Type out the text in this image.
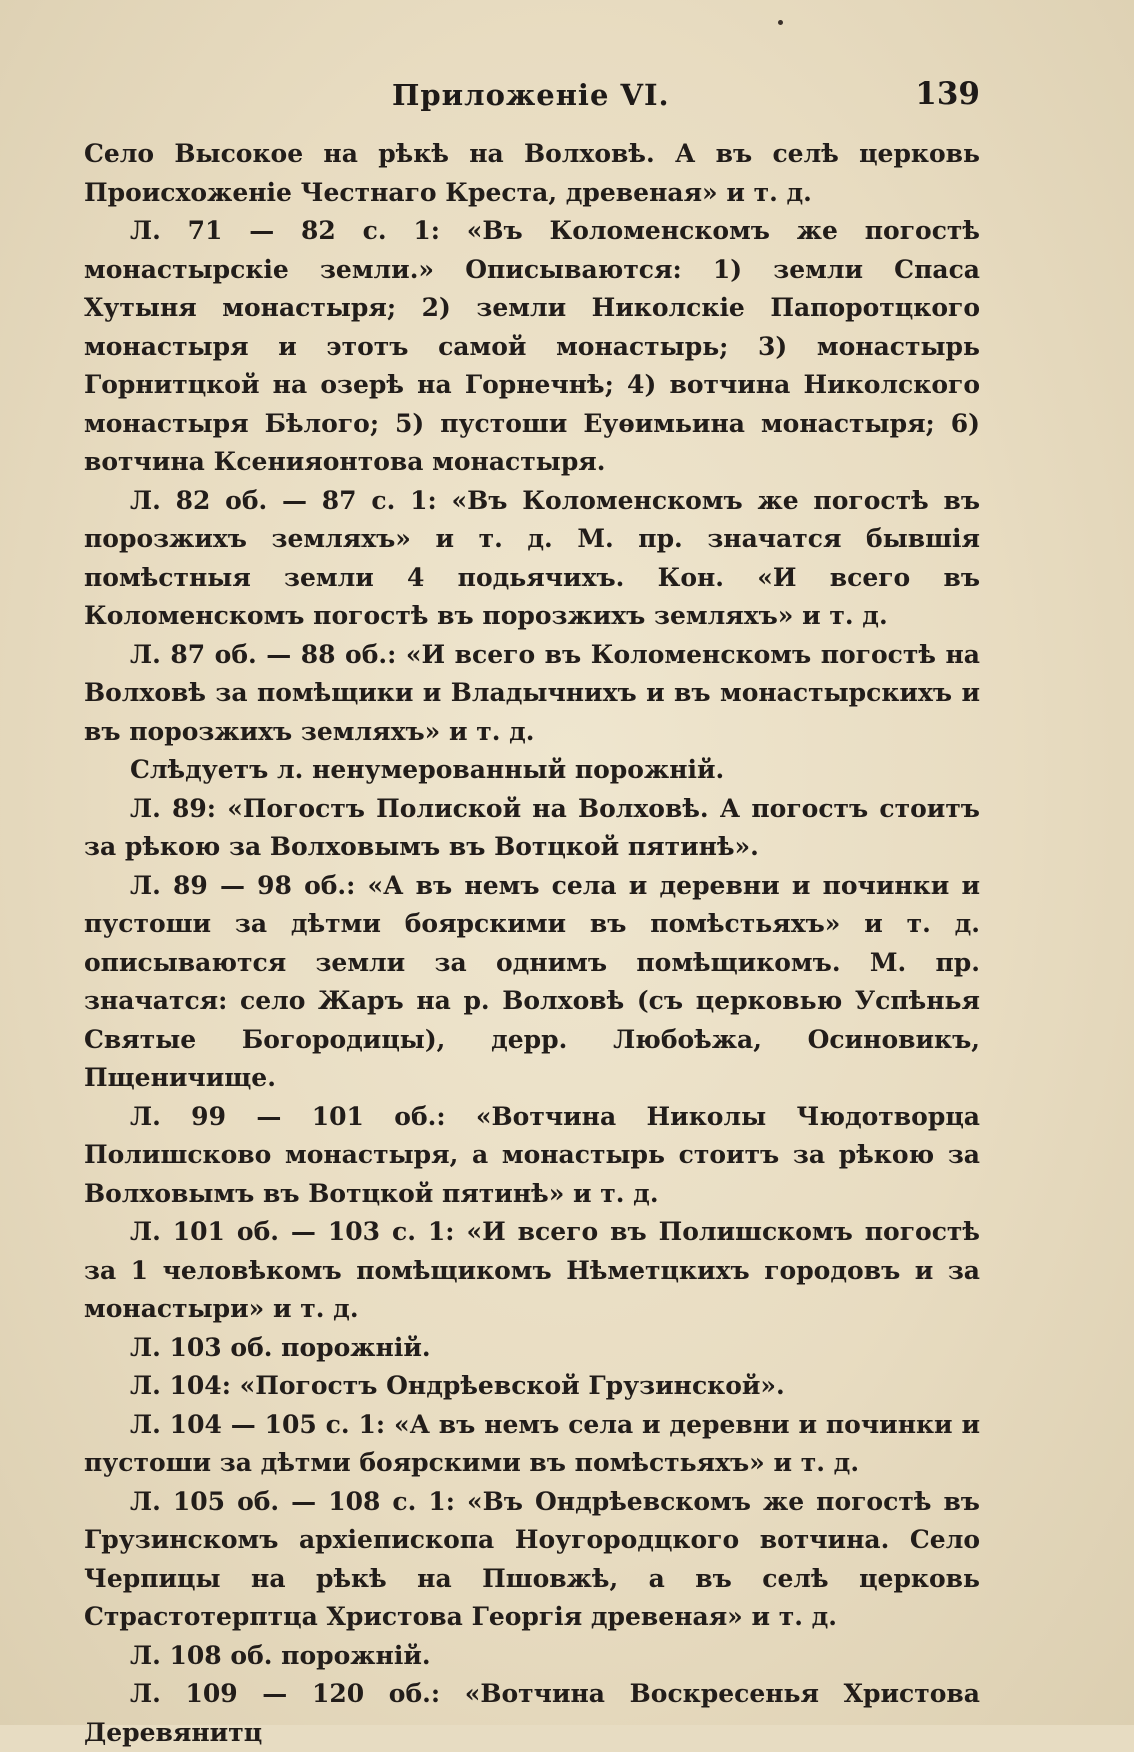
Приложеніе VI.	139

Село Высокое на рѣкѣ на Волховѣ. А въ селѣ церковь Происхоженіе Честнаго Креста, древеная» и т. д.

Л. 71 — 82 с. 1: «Въ Коломенскомъ же погостѣ монастырскіе земли.» Описываются: 1) земли Спаса Хутыня монастыря; 2) земли Николскіе Папоротцкого монастыря и этотъ самой монастырь; 3) монастырь Горнитцкой на озерѣ на Горнечнѣ; 4) вотчина Николского монастыря Бѣлого; 5) пустоши Еуѳимьина монастыря; 6) вотчина Ксенияонтова монастыря.

Л. 82 об. — 87 с. 1: «Въ Коломенскомъ же погостѣ въ порозжихъ земляхъ» и т. д. М. пр. значатся бывшія помѣстныя земли 4 подьячихъ. Кон. «И всего въ Коломенскомъ погостѣ въ порозжихъ земляхъ» и т. д.

Л. 87 об. — 88 об.: «И всего въ Коломенскомъ погостѣ на Волховѣ за помѣщики и Владычнихъ и въ монастырскихъ и въ порозжихъ земляхъ» и т. д.

Слѣдуетъ л. ненумерованный порожній.

Л. 89: «Погостъ Полиской на Волховѣ. А погостъ стоитъ за рѣкою за Волховымъ въ Вотцкой пятинѣ».

Л. 89 — 98 об.: «А въ немъ села и деревни и починки и пустоши за дѣтми боярскими въ помѣстьяхъ» и т. д. описываются земли за однимъ помѣщикомъ. М. пр. значатся: село Жаръ на р. Волховѣ (съ церковью Успѣнья Святые Богородицы), дерр. Любоѣжа, Осиновикъ, Пщеничище.

Л. 99 — 101 об.: «Вотчина Николы Чюдотворца Полишсково монастыря, а монастырь стоитъ за рѣкою за Волховымъ въ Вотцкой пятинѣ» и т. д.

Л. 101 об. — 103 с. 1: «И всего въ Полишскомъ погостѣ за 1 человѣкомъ помѣщикомъ Нѣметцкихъ городовъ и за монастыри» и т. д.

Л. 103 об. порожній.

Л. 104: «Погостъ Ондрѣевской Грузинской».

Л. 104 — 105 с. 1: «А въ немъ села и деревни и починки и пустоши за дѣтми боярскими въ помѣстьяхъ» и т. д.

Л. 105 об. — 108 с. 1: «Въ Ондрѣевскомъ же погостѣ въ Грузинскомъ архіепископа Ноугородцкого вотчина. Село Черпицы на рѣкѣ на Пшовжѣ, а въ селѣ церковь Страстотерптца Христова Георгія древеная» и т. д.

Л. 108 об. порожній.

Л. 109 — 120 об.: «Вотчина Воскресенья Христова Деревянитц
